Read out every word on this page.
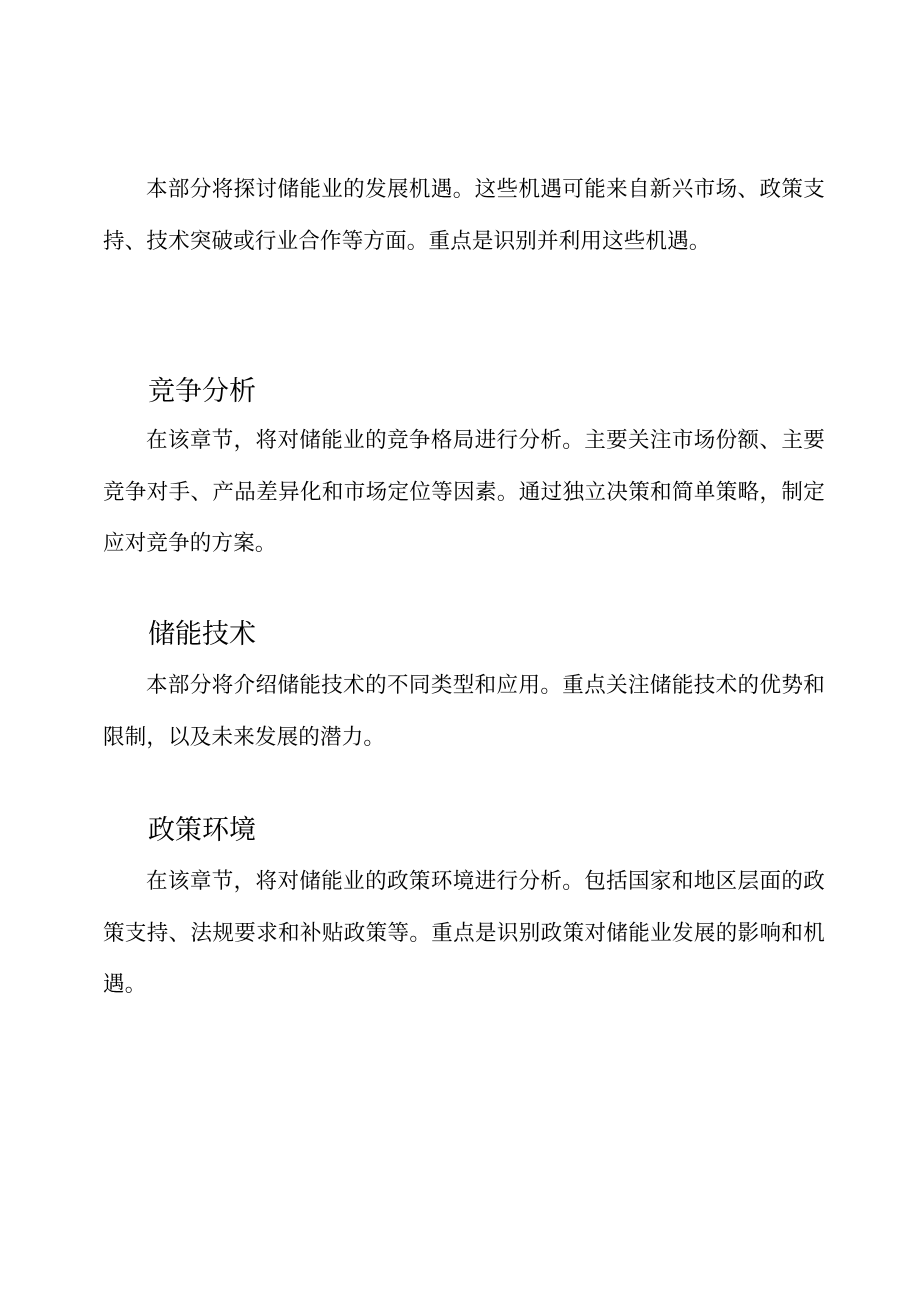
本部分将探讨储能业的发展机遇。这些机遇可能来自新兴市场、政策支持、技术突破或行业合作等方面。重点是识别并利用这些机遇。

竞争分析

在该章节，将对储能业的竞争格局进行分析。主要关注市场份额、主要竞争对手、产品差异化和市场定位等因素。通过独立决策和简单策略，制定应对竞争的方案。

储能技术

本部分将介绍储能技术的不同类型和应用。重点关注储能技术的优势和限制，以及未来发展的潜力。

政策环境

在该章节，将对储能业的政策环境进行分析。包括国家和地区层面的政策支持、法规要求和补贴政策等。重点是识别政策对储能业发展的影响和机遇。
